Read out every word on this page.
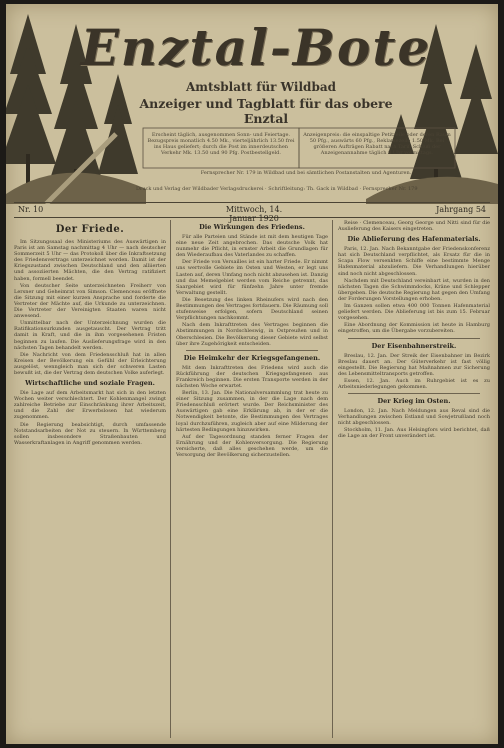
Enztal-Bote
Amtsblatt für Wildbad
Anzeiger und Tagblatt für das obere Enztal
Erscheint täglich, ausgenommen Sonn- und Feiertage. Bezugspreis monatlich 4.50 Mk., vierteljährlich 13.50 frei ins Haus geliefert; durch die Post im innerdeutschen Verkehr Mk. 13.50 und 90 Pfg. Postbestellgeld.
Anzeigenpreis: die einspaltige Petitzeile oder deren Raum 50 Pfg., auswärts 60 Pfg., Reklamezeile 1.50 Mk. Bei größeren Aufträgen Rabatt nach Tarif. Schluß der Anzeigenannahme täglich 8 Uhr vormittags.
Fernsprecher Nr. 179 in Wildbad und bei sämtlichen Postanstalten und Agenturen.
Druck und Verlag der Wildbader Verlagsdruckerei · Schriftleitung: Th. Gack in Wildbad · Fernsprecher Nr. 179
Nr. 10	Mittwoch, 14. Januar 1920
Jahrgang 54
Der Friede.

Im Sitzungssaal des Ministeriums des Auswärtigen in Paris ist am Samstag nachmittag 4 Uhr — nach deutscher Sommerzeit 5 Uhr — das Protokoll über die Inkraftsetzung des Friedensvertrags unterzeichnet worden. Damit ist der Kriegszustand zwischen Deutschland und den alliierten und assoziierten Mächten, die den Vertrag ratifiziert haben, formell beendet.

Von deutscher Seite unterzeichneten Freiherr von Lersner und Geheimrat von Simson. Clemenceau eröffnete die Sitzung mit einer kurzen Ansprache und forderte die Vertreter der Mächte auf, die Urkunde zu unterzeichnen. Die Vertreter der Vereinigten Staaten waren nicht anwesend.

Unmittelbar nach der Unterzeichnung wurden die Ratifikationsurkunden ausgetauscht. Der Vertrag tritt damit in Kraft, und die in ihm vorgesehenen Fristen beginnen zu laufen. Die Auslieferungsfrage wird in den nächsten Tagen behandelt werden.

Die Nachricht von dem Friedensschluß hat in allen Kreisen der Bevölkerung ein Gefühl der Erleichterung ausgelöst, wenngleich man sich der schweren Lasten bewußt ist, die der Vertrag dem deutschen Volke auferlegt.

Wirtschaftliche und soziale Fragen.

Die Lage auf dem Arbeitsmarkt hat sich in den letzten Wochen weiter verschlechtert. Der Kohlenmangel zwingt zahlreiche Betriebe zur Einschränkung ihrer Arbeitszeit, und die Zahl der Erwerbslosen hat wiederum zugenommen.

Die Regierung beabsichtigt, durch umfassende Notstandsarbeiten der Not zu steuern. In Württemberg sollen insbesondere Straßenbauten und Wasserkraftanlagen in Angriff genommen werden.

Die Wirkungen des Friedens.

Für alle Parteien und Stände ist mit dem heutigen Tage eine neue Zeit angebrochen. Das deutsche Volk hat nunmehr die Pflicht, in ernster Arbeit die Grundlagen für den Wiederaufbau des Vaterlandes zu schaffen.

Der Friede von Versailles ist ein harter Friede. Er nimmt uns wertvolle Gebiete im Osten und Westen, er legt uns Lasten auf, deren Umfang noch nicht abzusehen ist. Danzig und das Memelgebiet werden vom Reiche getrennt, das Saargebiet wird für fünfzehn Jahre unter fremde Verwaltung gestellt.

Die Besetzung des linken Rheinufers wird nach den Bestimmungen des Vertrages fortdauern. Die Räumung soll stufenweise erfolgen, sofern Deutschland seinen Verpflichtungen nachkommt.

Nach dem Inkrafttreten des Vertrages beginnen die Abstimmungen in Nordschleswig, in Ostpreußen und in Oberschlesien. Die Bevölkerung dieser Gebiete wird selbst über ihre Zugehörigkeit entscheiden.

Die Heimkehr der Kriegsgefangenen.

Mit dem Inkrafttreten des Friedens wird auch die Rückführung der deutschen Kriegsgefangenen aus Frankreich beginnen. Die ersten Transporte werden in der nächsten Woche erwartet.

Berlin, 13. Jan. Die Nationalversammlung trat heute zu einer Sitzung zusammen, in der die Lage nach dem Friedensschluß erörtert wurde. Der Reichsminister des Auswärtigen gab eine Erklärung ab, in der er die Notwendigkeit betonte, die Bestimmungen des Vertrages loyal durchzuführen, zugleich aber auf eine Milderung der härtesten Bedingungen hinzuwirken.

Auf der Tagesordnung standen ferner Fragen der Ernährung und der Kohlenversorgung. Die Regierung versicherte, daß alles geschehen werde, um die Versorgung der Bevölkerung sicherzustellen.

Reise · Clemenceau, Georg George und Nitti sind für die Auslieferung des Kaisers eingetreten.

Die Ablieferung des Hafenmaterials.

Paris, 12. Jan. Nach Bekanntgabe der Friedenskonferenz hat sich Deutschland verpflichtet, als Ersatz für die in Scapa Flow versenkten Schiffe eine bestimmte Menge Hafenmaterial abzuliefern. Die Verhandlungen hierüber sind noch nicht abgeschlossen.

Nachdem mit Deutschland vereinbart ist, wurden in den nächsten Tagen die Schwimmdocks, Kräne und Schlepper übergeben. Die deutsche Regierung hat gegen den Umfang der Forderungen Vorstellungen erhoben.

Im Ganzen sollen etwa 400 000 Tonnen Hafenmaterial geliefert werden. Die Ablieferung ist bis zum 15. Februar vorgesehen.

Eine Abordnung der Kommission ist heute in Hamburg eingetroffen, um die Übergabe vorzubereiten.

Der Eisenbahnerstreik.

Breslau, 12. Jan. Der Streik der Eisenbahner im Bezirk Breslau dauert an. Der Güterverkehr ist fast völlig eingestellt. Die Regierung hat Maßnahmen zur Sicherung des Lebensmitteltransports getroffen.

Essen, 12. Jan. Auch im Ruhrgebiet ist es zu Arbeitsniederlegungen gekommen.

Der Krieg im Osten.

London, 12. Jan. Nach Meldungen aus Reval sind die Verhandlungen zwischen Estland und Sowjetrußland noch nicht abgeschlossen.

Stockholm, 11. Jan. Aus Helsingfors wird berichtet, daß die Lage an der Front unverändert ist.
